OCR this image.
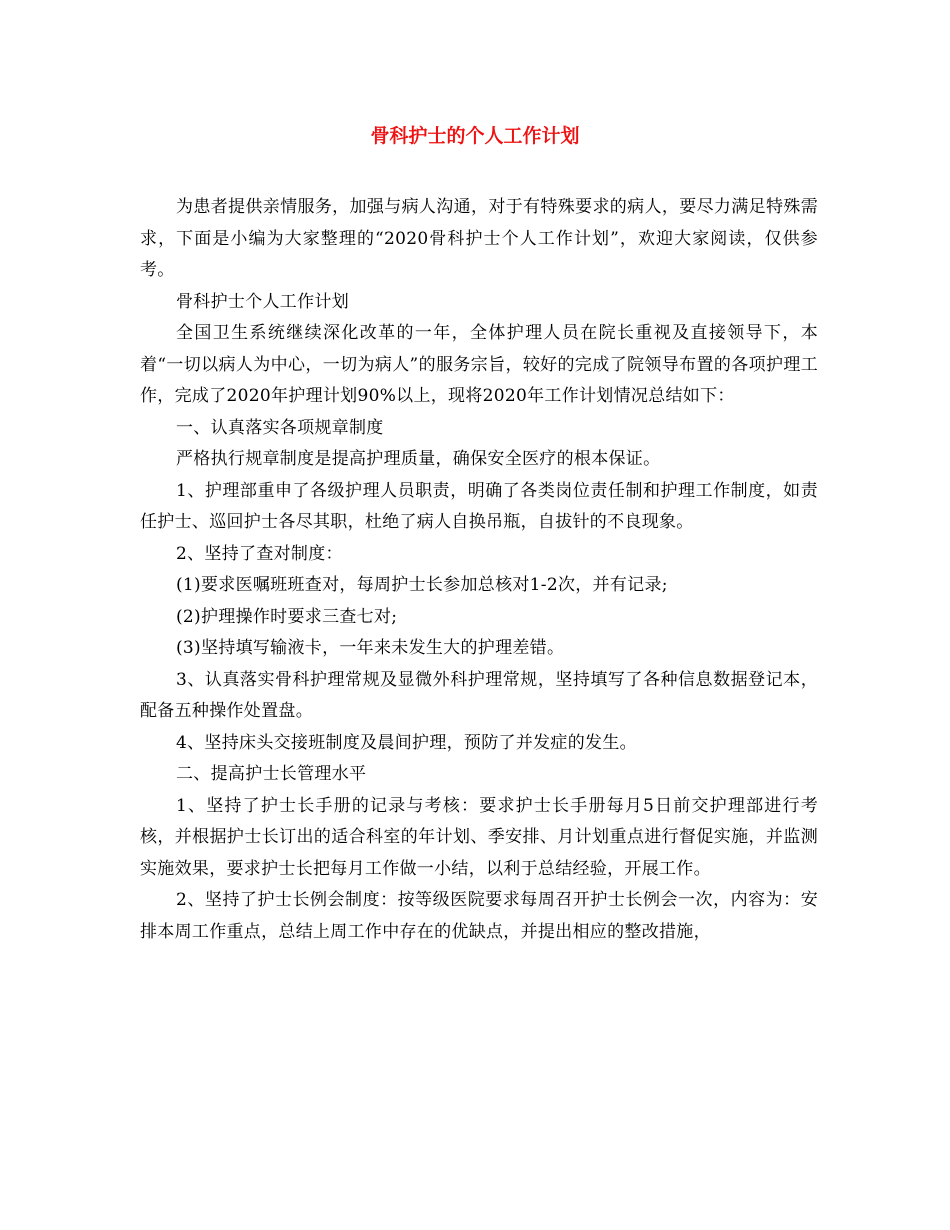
骨科护士的个人工作计划

为患者提供亲情服务，加强与病人沟通，对于有特殊要求的病人，要尽力满足特殊需求，下面是小编为大家整理的“2020骨科护士个人工作计划”，欢迎大家阅读，仅供参考。

骨科护士个人工作计划

全国卫生系统继续深化改革的一年，全体护理人员在院长重视及直接领导下，本着“一切以病人为中心，一切为病人”的服务宗旨，较好的完成了院领导布置的各项护理工作，完成了2020年护理计划90%以上，现将2020年工作计划情况总结如下：

一、认真落实各项规章制度

严格执行规章制度是提高护理质量，确保安全医疗的根本保证。

1、护理部重申了各级护理人员职责，明确了各类岗位责任制和护理工作制度，如责任护士、巡回护士各尽其职，杜绝了病人自换吊瓶，自拔针的不良现象。

2、坚持了查对制度：

(1)要求医嘱班班查对，每周护士长参加总核对1-2次，并有记录;

(2)护理操作时要求三查七对;

(3)坚持填写输液卡，一年来未发生大的护理差错。

3、认真落实骨科护理常规及显微外科护理常规，坚持填写了各种信息数据登记本，配备五种操作处置盘。

4、坚持床头交接班制度及晨间护理，预防了并发症的发生。

二、提高护士长管理水平

1、坚持了护士长手册的记录与考核：要求护士长手册每月5日前交护理部进行考核，并根据护士长订出的适合科室的年计划、季安排、月计划重点进行督促实施，并监测实施效果，要求护士长把每月工作做一小结，以利于总结经验，开展工作。

2、坚持了护士长例会制度：按等级医院要求每周召开护士长例会一次，内容为：安排本周工作重点，总结上周工作中存在的优缺点，并提出相应的整改措施，
